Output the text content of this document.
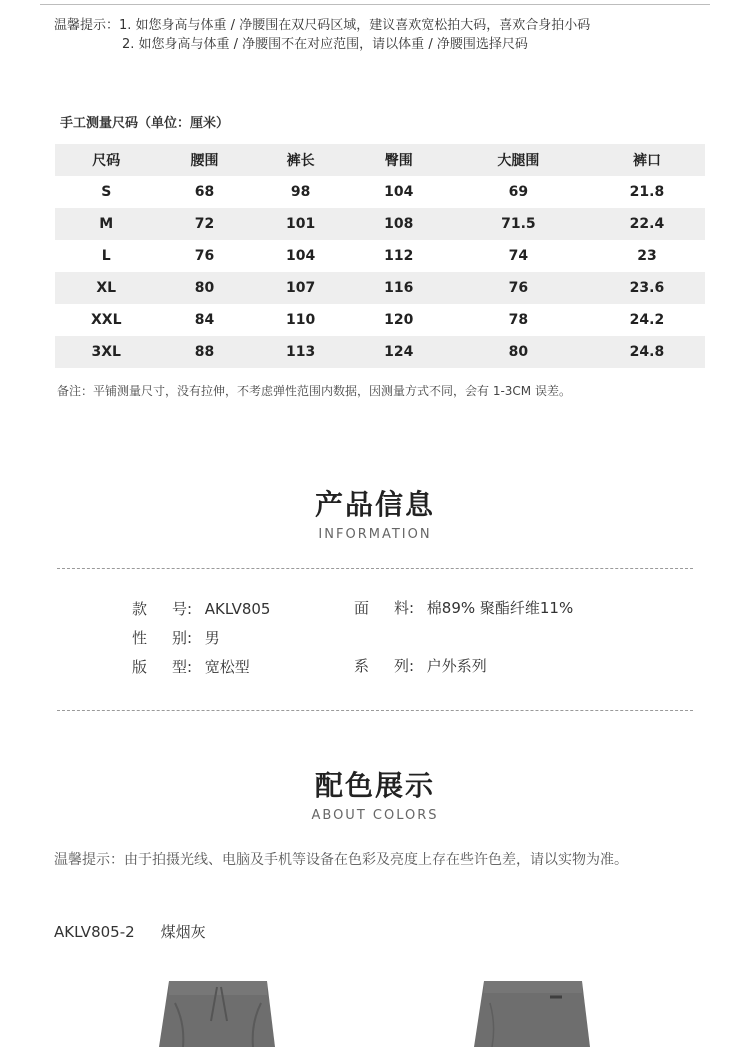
温馨提示：1. 如您身高与体重 / 净腰围在双尺码区域，建议喜欢宽松拍大码，喜欢合身拍小码
2. 如您身高与体重 / 净腰围不在对应范围，请以体重 / 净腰围选择尺码
手工测量尺码（单位：厘米）
尺码	腰围	裤长	臀围	大腿围	裤口
S	68	98	104	69	21.8
M	72	101	108	71.5	22.4
L	76	104	112	74	23
XL	80	107	116	76	23.6
XXL	84	110	120	78	24.2
3XL	88	113	124	80	24.8
备注：平铺测量尺寸，没有拉伸，不考虑弹性范围内数据，因测量方式不同，会有 1-3CM 误差。
产品信息
INFORMATION
款 号: AKLV805	面 料: 棉89% 聚酯纤维11%
性 别: 男
版 型: 宽松型	系 列: 户外系列
配色展示
ABOUT COLORS
温馨提示：由于拍摄光线、电脑及手机等设备在色彩及亮度上存在些许色差，请以实物为准。
AKLV805-2 煤烟灰
